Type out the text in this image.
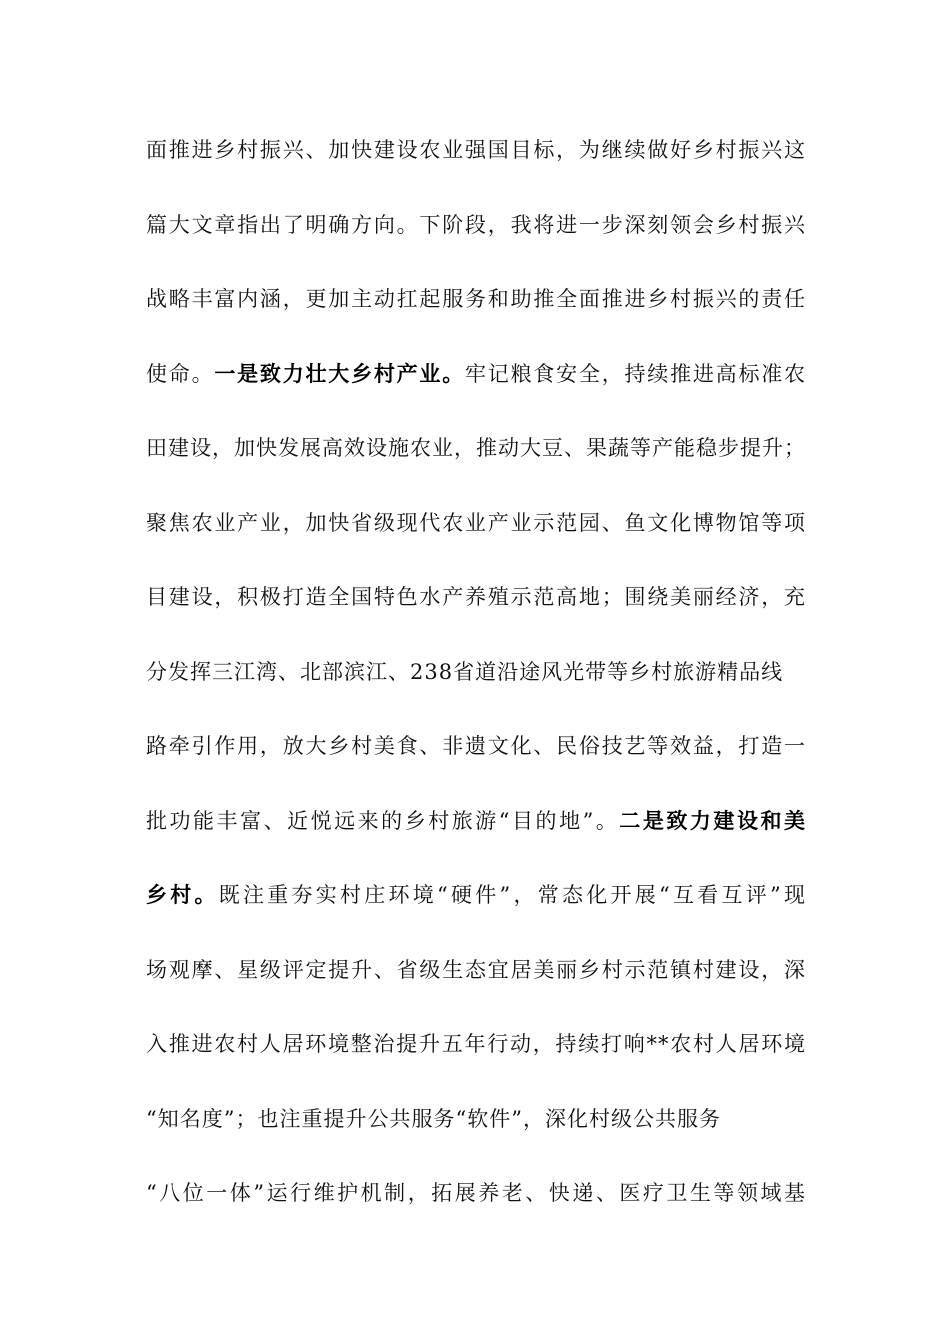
面推进乡村振兴、加快建设农业强国目标，为继续做好乡村振兴这
篇大文章指出了明确方向。下阶段，我将进一步深刻领会乡村振兴
战略丰富内涵，更加主动扛起服务和助推全面推进乡村振兴的责任
使命。一是致力壮大乡村产业。牢记粮食安全，持续推进高标准农
田建设，加快发展高效设施农业，推动大豆、果蔬等产能稳步提升；
聚焦农业产业，加快省级现代农业产业示范园、鱼文化博物馆等项
目建设，积极打造全国特色水产养殖示范高地；围绕美丽经济，充
分发挥三江湾、北部滨江、238省道沿途风光带等乡村旅游精品线
路牵引作用，放大乡村美食、非遗文化、民俗技艺等效益，打造一
批功能丰富、近悦远来的乡村旅游“目的地”。二是致力建设和美
乡村。既注重夯实村庄环境“硬件”，常态化开展“互看互评”现
场观摩、星级评定提升、省级生态宜居美丽乡村示范镇村建设，深
入推进农村人居环境整治提升五年行动，持续打响**农村人居环境
“知名度”；也注重提升公共服务“软件”，深化村级公共服务
“八位一体”运行维护机制，拓展养老、快递、医疗卫生等领域基
